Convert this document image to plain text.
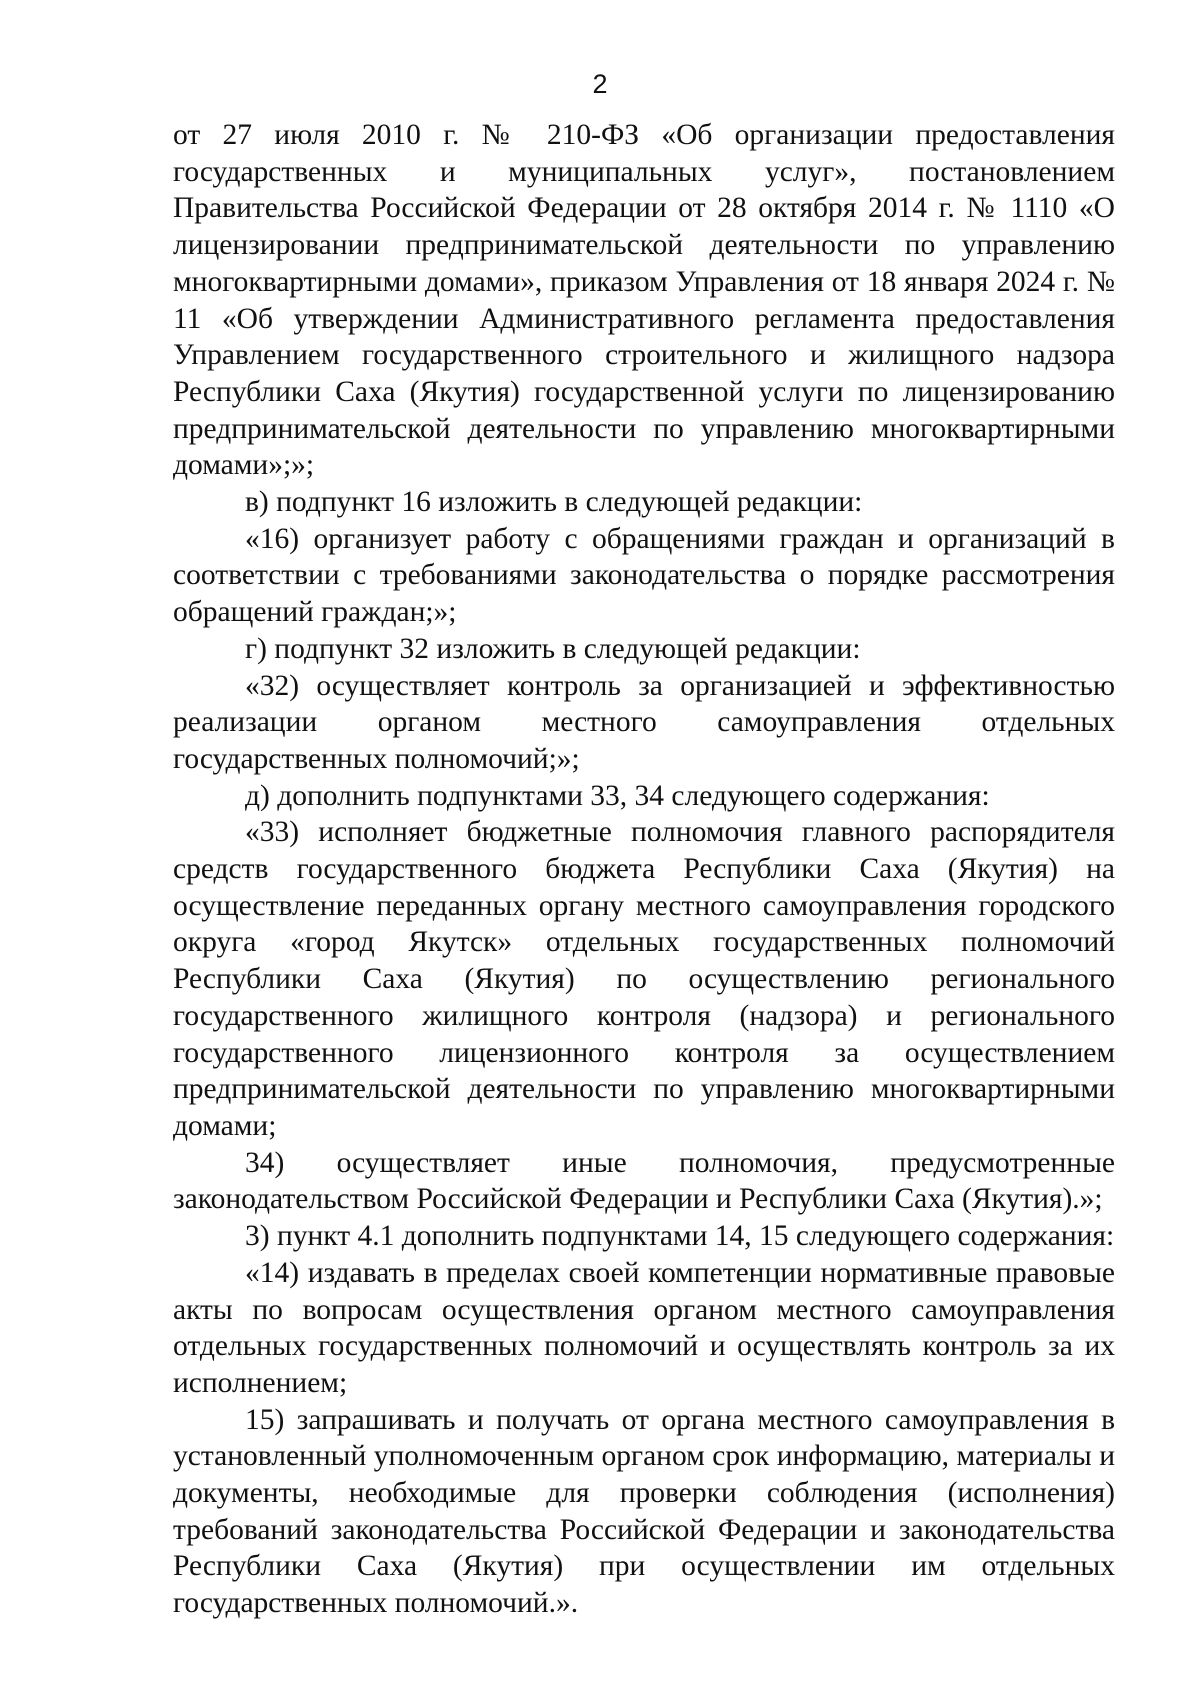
2

от 27 июля 2010 г. № 210-ФЗ «Об организации предоставления государственных и муниципальных услуг», постановлением Правительства Российской Федерации от 28 октября 2014 г. № 1110 «О лицензировании предпринимательской деятельности по управлению многоквартирными домами», приказом Управления от 18 января 2024 г. № 11 «Об утверждении Административного регламента предоставления Управлением государственного строительного и жилищного надзора Республики Саха (Якутия) государственной услуги по лицензированию предпринимательской деятельности по управлению многоквартирными домами»;»;

в) подпункт 16 изложить в следующей редакции:

«16) организует работу с обращениями граждан и организаций в соответствии с требованиями законодательства о порядке рассмотрения обращений граждан;»;

г) подпункт 32 изложить в следующей редакции:

«32) осуществляет контроль за организацией и эффективностью реализации органом местного самоуправления отдельных государственных полномочий;»;

д) дополнить подпунктами 33, 34 следующего содержания:

«33) исполняет бюджетные полномочия главного распорядителя средств государственного бюджета Республики Саха (Якутия) на осуществление переданных органу местного самоуправления городского округа «город Якутск» отдельных государственных полномочий Республики Саха (Якутия) по осуществлению регионального государственного жилищного контроля (надзора) и регионального государственного лицензионного контроля за осуществлением предпринимательской деятельности по управлению многоквартирными домами;

34) осуществляет иные полномочия, предусмотренные законодательством Российской Федерации и Республики Саха (Якутия).»;

3) пункт 4.1 дополнить подпунктами 14, 15 следующего содержания:

«14) издавать в пределах своей компетенции нормативные правовые акты по вопросам осуществления органом местного самоуправления отдельных государственных полномочий и осуществлять контроль за их исполнением;

15) запрашивать и получать от органа местного самоуправления в установленный уполномоченным органом срок информацию, материалы и документы, необходимые для проверки соблюдения (исполнения) требований законодательства Российской Федерации и законодательства Республики Саха (Якутия) при осуществлении им отдельных государственных полномочий.».
